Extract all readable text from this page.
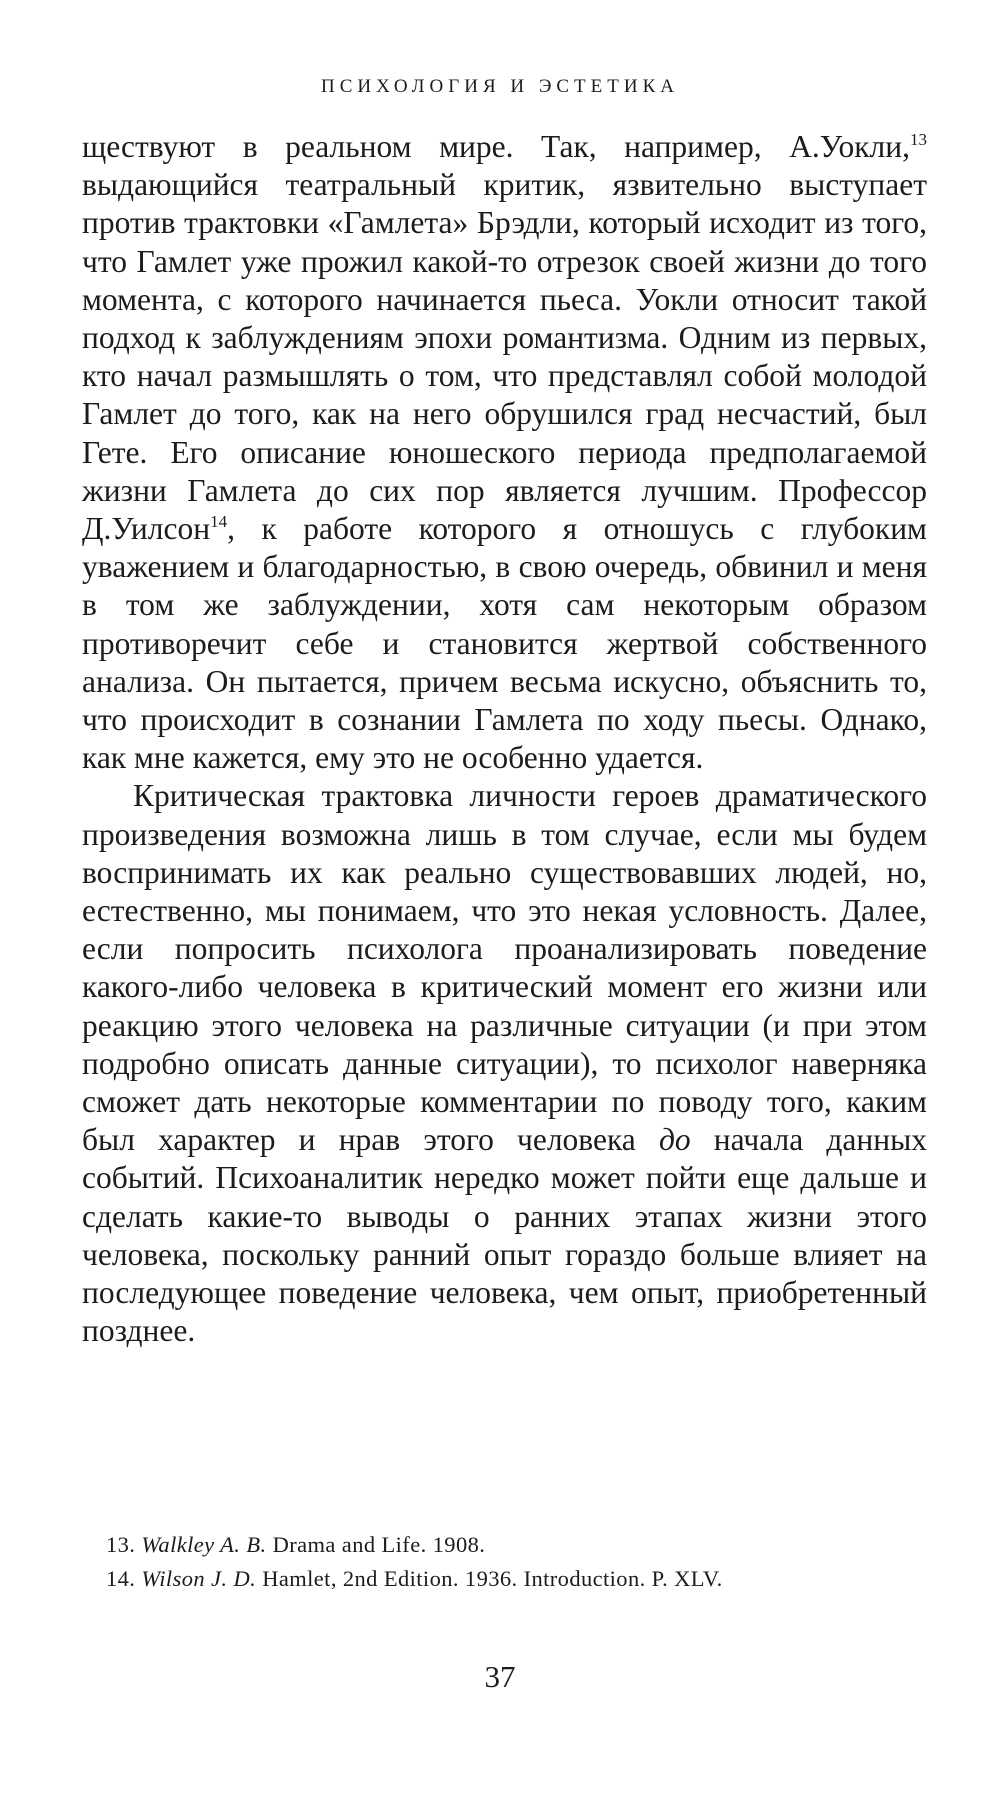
ПСИХОЛОГИЯ И ЭСТЕТИКА

ществуют в реальном мире. Так, например, А.Уокли,$^{13}$ выдающийся театральный критик, язвительно выступает против трактовки «Гамлета» Брэдли, который исходит из того, что Гамлет уже прожил какой-то отрезок своей жизни до того момента, с которого начинается пьеса. Уокли относит такой подход к заблуждениям эпохи романтизма. Одним из первых, кто начал размышлять о том, что представлял собой молодой Гамлет до того, как на него обрушился град несчастий, был Гете. Его описание юношеского периода предполагаемой жизни Гамлета до сих пор является лучшим. Профессор Д.Уилсон$^{14}$, к работе которого я отношусь с глубоким уважением и благодарностью, в свою очередь, обвинил и меня в том же заблуждении, хотя сам некоторым образом противоречит себе и становится жертвой собственного анализа. Он пытается, причем весьма искусно, объяснить то, что происходит в сознании Гамлета по ходу пьесы. Однако, как мне кажется, ему это не особенно удается.

Критическая трактовка личности героев драматического произведения возможна лишь в том случае, если мы будем воспринимать их как реально существовавших людей, но, естественно, мы понимаем, что это некая условность. Далее, если попросить психолога проанализировать поведение какого-либо человека в критический момент его жизни или реакцию этого человека на различные ситуации (и при этом подробно описать данные ситуации), то психолог наверняка сможет дать некоторые комментарии по поводу того, каким был характер и нрав этого человека до начала данных событий. Психоаналитик нередко может пойти еще дальше и сделать какие-то выводы о ранних этапах жизни этого человека, поскольку ранний опыт гораздо больше влияет на последующее поведение человека, чем опыт, приобретенный позднее.

13. Walkley A. B. Drama and Life. 1908.

14. Wilson J. D. Hamlet, 2nd Edition. 1936. Introduction. P. XLV.

37
